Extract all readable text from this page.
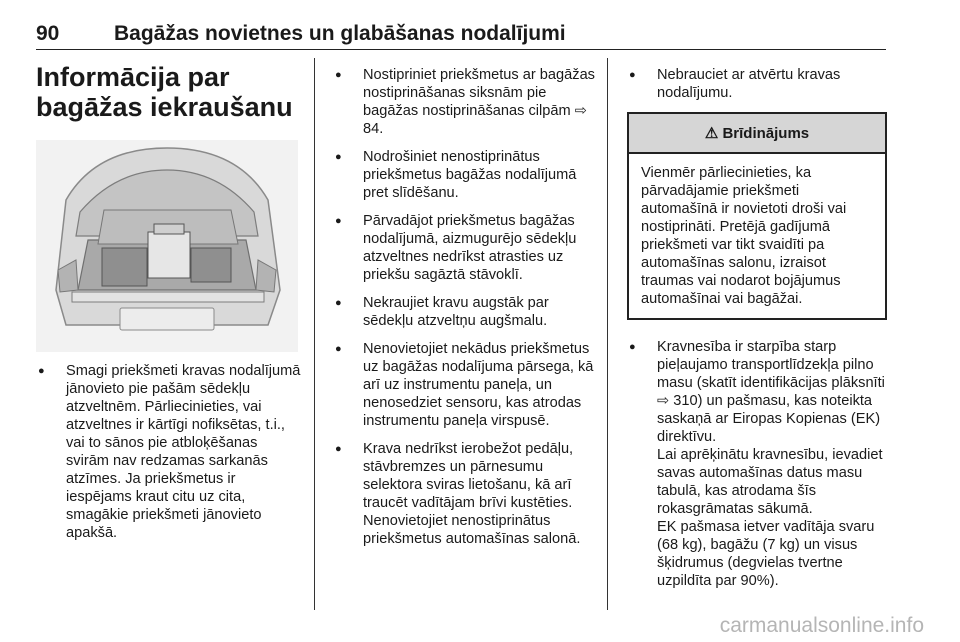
90	Bagāžas novietnes un glabāšanas nodalījumi
Informācija par bagāžas iekraušanu
● Smagi priekšmeti kravas nodalījumā jānovieto pie pašām sēdekļu atzveltnēm. Pārliecinieties, vai atzveltnes ir kārtīgi nofiksētas, t.i., vai to sānos pie atbloķēšanas svirām nav redzamas sarkanās atzīmes. Ja priekšmetus ir iespējams kraut citu uz cita, smagākie priekšmeti jānovieto apakšā.
● Nostipriniet priekšmetus ar bagāžas nostiprināšanas siksnām pie bagāžas nostiprināšanas cilpām ⇨ 84.
● Nodrošiniet nenostiprinātus priekšmetus bagāžas nodalījumā pret slīdēšanu.
● Pārvadājot priekšmetus bagāžas nodalījumā, aizmugurējo sēdekļu atzveltnes nedrīkst atrasties uz priekšu sagāztā stāvoklī.
● Nekraujiet kravu augstāk par sēdekļu atzveltņu augšmalu.
● Nenovietojiet nekādus priekšmetus uz bagāžas nodalījuma pārsega, kā arī uz instrumentu paneļa, un nenosedziet sensoru, kas atrodas instrumentu paneļa virspusē.
● Krava nedrīkst ierobežot pedāļu, stāvbremzes un pārnesumu selektora sviras lietošanu, kā arī traucēt vadītājam brīvi kustēties. Nenovietojiet nenostiprinātus priekšmetus automašīnas salonā.
● Nebrauciet ar atvērtu kravas nodalījumu.
⚠ Brīdinājums
Vienmēr pārliecinieties, ka pārvadājamie priekšmeti automašīnā ir novietoti droši vai nostiprināti. Pretējā gadījumā priekšmeti var tikt svaidīti pa automašīnas salonu, izraisot traumas vai nodarot bojājumus automašīnai vai bagāžai.
● Kravnesība ir starpība starp pieļaujamo transportlīdzekļa pilno masu (skatīt identifikācijas plāksnīti ⇨ 310) un pašmasu, kas noteikta saskaņā ar Eiropas Kopienas (EK) direktīvu.
Lai aprēķinātu kravnesību, ievadiet savas automašīnas datus masu tabulā, kas atrodama šīs rokasgrāmatas sākumā.
EK pašmasa ietver vadītāja svaru (68 kg), bagāžu (7 kg) un visus šķidrumus (degvielas tvertne uzpildīta par 90%).
carmanualsonline.info
